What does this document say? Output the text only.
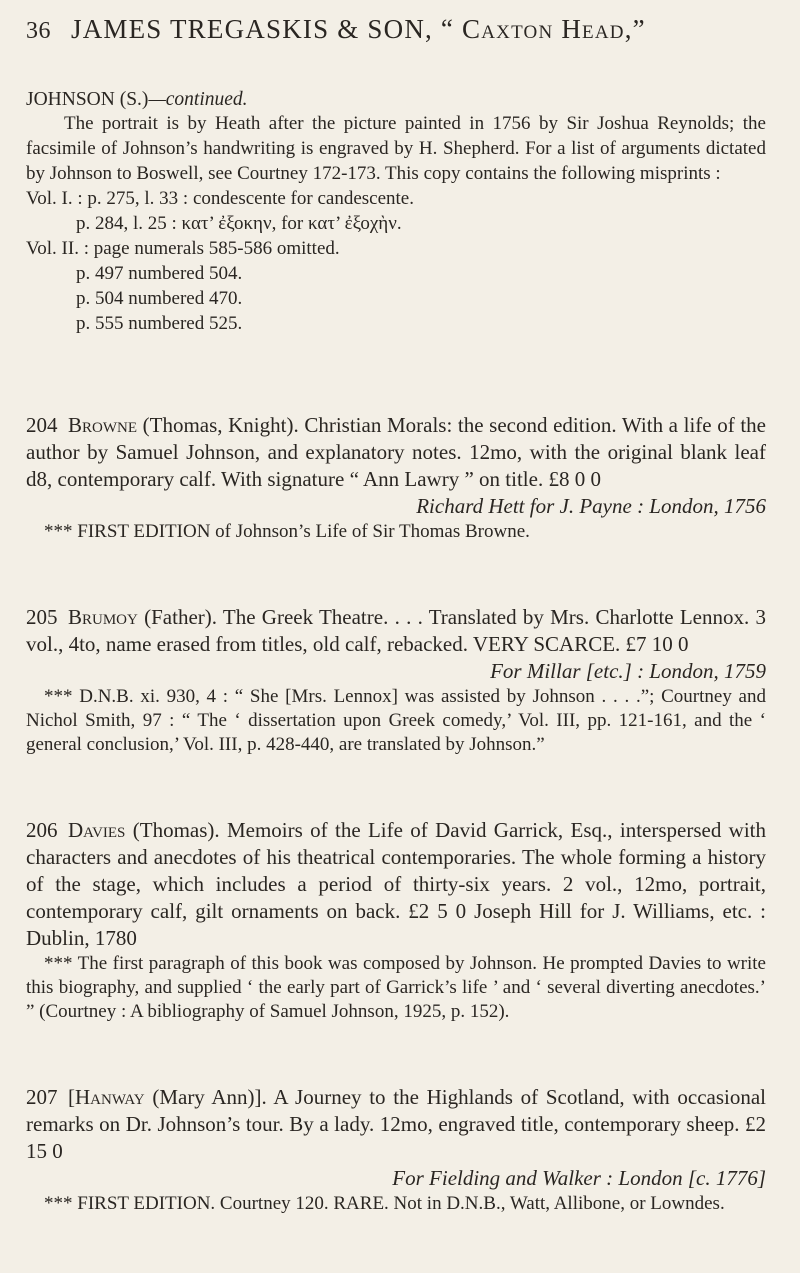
36 JAMES TREGASKIS & SON, “ Caxton Head,”
JOHNSON (S.)—continued.

The portrait is by Heath after the picture painted in 1756 by Sir Joshua Reynolds; the facsimile of Johnson’s handwriting is engraved by H. Shepherd. For a list of arguments dictated by Johnson to Boswell, see Courtney 172-173. This copy contains the following misprints :

Vol. I. : p. 275, l. 33 : condescente for candescente.

p. 284, l. 25 : κατ’ ἐξοκην, for κατ’ ἐξοχὴν.

Vol. II. : page numerals 585-586 omitted.

p. 497 numbered 504.

p. 504 numbered 470.

p. 555 numbered 525.

204 Browne (Thomas, Knight). Christian Morals: the second edition. With a life of the author by Samuel Johnson, and explanatory notes. 12mo, with the original blank leaf d8, contemporary calf. With signature “ Ann Lawry ” on title. £8 0 0

Richard Hett for J. Payne : London, 1756

*** FIRST EDITION of Johnson’s Life of Sir Thomas Browne.

205 Brumoy (Father). The Greek Theatre. . . . Translated by Mrs. Charlotte Lennox. 3 vol., 4to, name erased from titles, old calf, rebacked. VERY SCARCE. £7 10 0

For Millar [etc.] : London, 1759

*** D.N.B. xi. 930, 4 : “ She [Mrs. Lennox] was assisted by Johnson . . . .”; Courtney and Nichol Smith, 97 : “ The ‘ dissertation upon Greek comedy,’ Vol. III, pp. 121-161, and the ‘ general conclusion,’ Vol. III, p. 428-440, are translated by Johnson.”

206 Davies (Thomas). Memoirs of the Life of David Garrick, Esq., interspersed with characters and anecdotes of his theatrical contemporaries. The whole forming a history of the stage, which includes a period of thirty-six years. 2 vol., 12mo, portrait, contemporary calf, gilt ornaments on back. £2 5 0 Joseph Hill for J. Williams, etc. : Dublin, 1780

*** The first paragraph of this book was composed by Johnson. He prompted Davies to write this biography, and supplied ‘ the early part of Garrick’s life ’ and ‘ several diverting anecdotes.’ ” (Courtney : A bibliography of Samuel Johnson, 1925, p. 152).

207 [Hanway (Mary Ann)]. A Journey to the Highlands of Scotland, with occasional remarks on Dr. Johnson’s tour. By a lady. 12mo, engraved title, contemporary sheep. £2 15 0

For Fielding and Walker : London [c. 1776]

*** FIRST EDITION. Courtney 120. RARE. Not in D.N.B., Watt, Allibone, or Lowndes.
